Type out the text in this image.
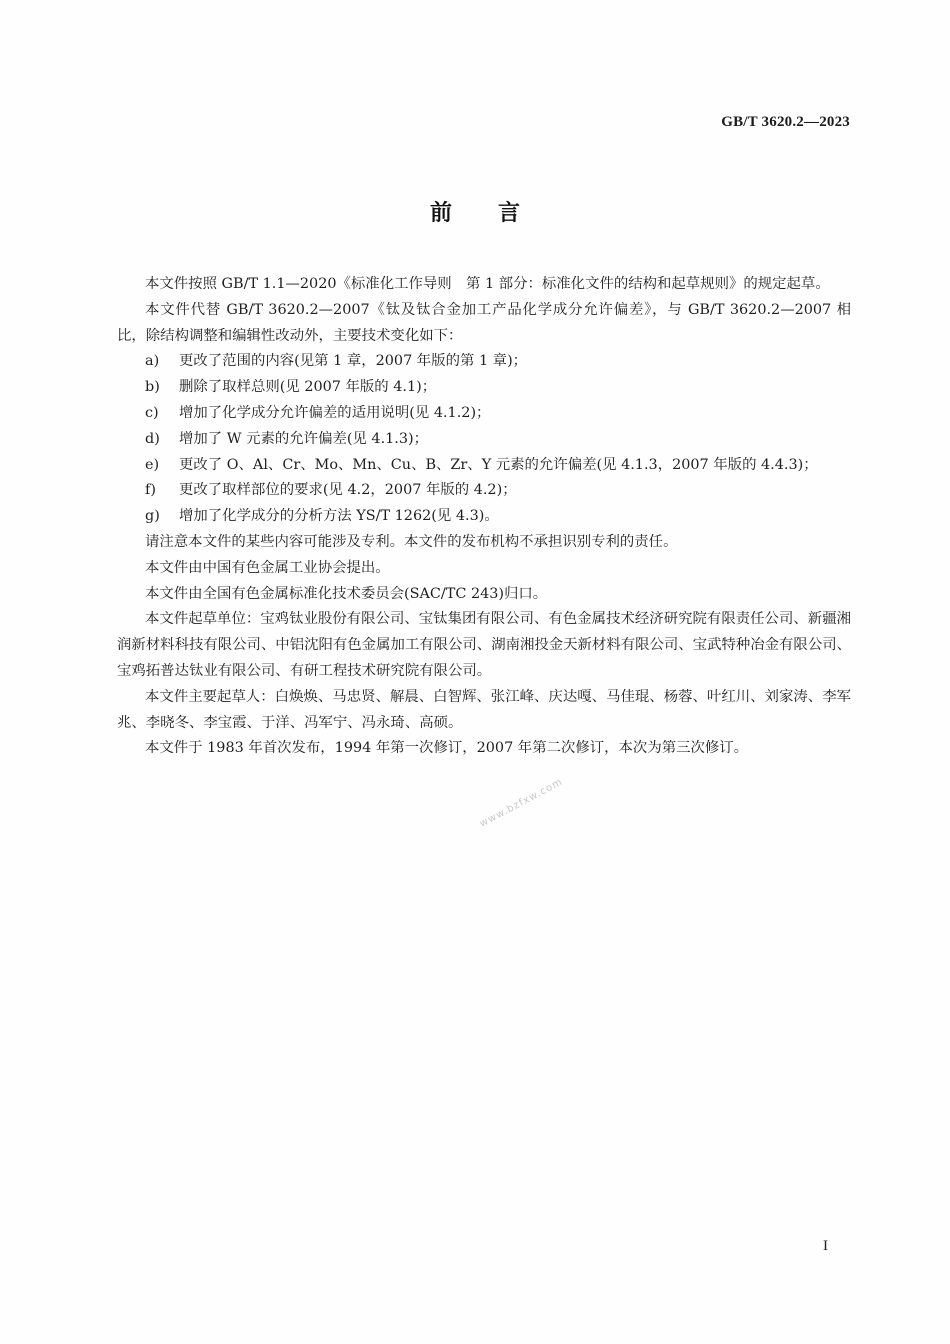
GB/T 3620.2—2023
前言

本文件按照 GB/T 1.1—2020《标准化工作导则　第 1 部分：标准化文件的结构和起草规则》的规定起草。

本文件代替 GB/T 3620.2—2007《钛及钛合金加工产品化学成分允许偏差》，与 GB/T 3620.2—2007 相比，除结构调整和编辑性改动外，主要技术变化如下：

a) 更改了范围的内容(见第 1 章，2007 年版的第 1 章)；
b) 删除了取样总则(见 2007 年版的 4.1)；
c) 增加了化学成分允许偏差的适用说明(见 4.1.2)；
d) 增加了 W 元素的允许偏差(见 4.1.3)；
e) 更改了 O、Al、Cr、Mo、Mn、Cu、B、Zr、Y 元素的允许偏差(见 4.1.3，2007 年版的 4.4.3)；
f) 更改了取样部位的要求(见 4.2，2007 年版的 4.2)；
g) 增加了化学成分的分析方法 YS/T 1262(见 4.3)。

请注意本文件的某些内容可能涉及专利。本文件的发布机构不承担识别专利的责任。

本文件由中国有色金属工业协会提出。

本文件由全国有色金属标准化技术委员会(SAC/TC 243)归口。

本文件起草单位：宝鸡钛业股份有限公司、宝钛集团有限公司、有色金属技术经济研究院有限责任公司、新疆湘润新材料科技有限公司、中铝沈阳有色金属加工有限公司、湖南湘投金天新材料有限公司、宝武特种冶金有限公司、宝鸡拓普达钛业有限公司、有研工程技术研究院有限公司。

本文件主要起草人：白焕焕、马忠贤、解晨、白智辉、张江峰、庆达嘎、马佳琨、杨蓉、叶红川、刘家涛、李军兆、李晓冬、李宝霞、于洋、冯军宁、冯永琦、高硕。

本文件于 1983 年首次发布，1994 年第一次修订，2007 年第二次修订，本次为第三次修订。

www.bzfxw.com
I
